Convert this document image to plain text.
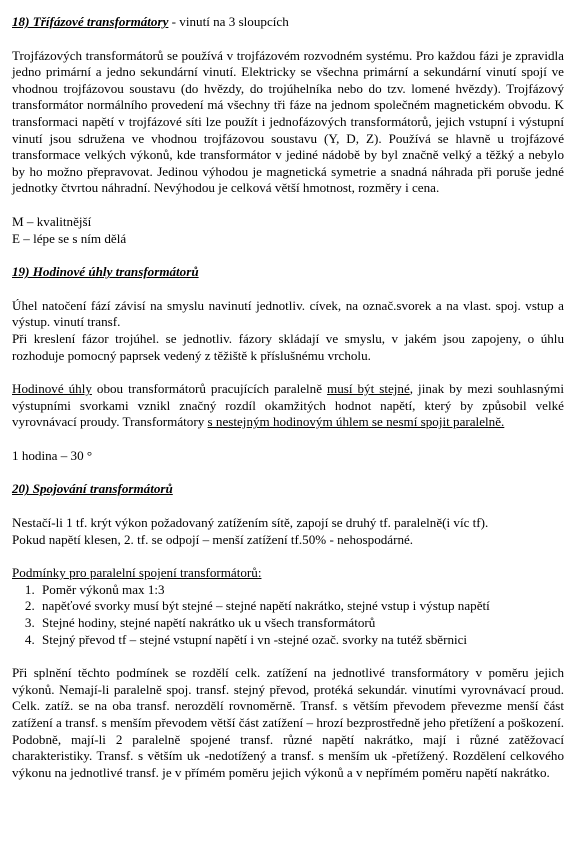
18) Třífázové transformátory - vinutí na 3 sloupcích

Trojfázových transformátorů se používá v trojfázovém rozvodném systému. Pro každou fázi je zpravidla jedno primární a jedno sekundární vinutí. Elektricky se všechna primární a sekundární vinutí spojí ve vhodnou trojfázovou soustavu (do hvězdy, do trojúhelníka nebo do tzv. lomené hvězdy). Trojfázový transformátor normálního provedení má všechny tři fáze na jednom společném magnetickém obvodu. K transformaci napětí v trojfázové síti lze použít i jednofázových transformátorů, jejich vstupní i výstupní vinutí jsou sdružena ve vhodnou trojfázovou soustavu (Y, D, Z). Používá se hlavně u trojfázové transformace velkých výkonů, kde transformátor v jediné nádobě by byl značně velký a těžký a nebylo by ho možno přepravovat. Jedinou výhodou je magnetická symetrie a snadná náhrada při poruše jedné jednotky čtvrtou náhradní. Nevýhodou je celková větší hmotnost, rozměry i cena.

M – kvalitnější
E – lépe se s ním dělá
19) Hodinové úhly transformátorů

Úhel natočení fází závisí na smyslu navinutí jednotliv. cívek, na označ.svorek a na vlast. spoj. vstup a výstup. vinutí transf.

Při kreslení fázor trojúhel. se jednotliv. fázory skládají ve smyslu, v jakém jsou zapojeny, o úhlu rozhoduje pomocný paprsek vedený z těžiště k příslušnému vrcholu.

Hodinové úhly obou transformátorů pracujících paralelně musí být stejné, jinak by mezi souhlasnými výstupními svorkami vznikl značný rozdíl okamžitých hodnot napětí, který by způsobil velké vyrovnávací proudy. Transformátory s nestejným hodinovým úhlem se nesmí spojit paralelně.

1 hodina – 30 °
20) Spojování transformátorů

Nestačí-li 1 tf. krýt výkon požadovaný zatížením sítě, zapojí se druhý tf. paralelně(i víc tf).

Pokud napětí klesen, 2. tf. se odpojí – menší zatížení tf.50% - nehospodárné.

Podmínky pro paralelní spojení transformátorů:
1. Poměr výkonů max 1:3
2. napěťové svorky musí být stejné – stejné napětí nakrátko, stejné vstup i výstup napětí
3. Stejné hodiny, stejné napětí nakrátko uk u všech transformátorů
4. Stejný převod tf – stejné vstupní napětí i vn -stejné ozač. svorky na tutéž sběrnici

Při splnění těchto podmínek se rozdělí celk. zatížení na jednotlivé transformátory v poměru jejich výkonů. Nemají-li paralelně spoj. transf. stejný převod, protéká sekundár. vinutími vyrovnávací proud. Celk. zatíž. se na oba transf. nerozdělí rovnoměrně. Transf. s větším převodem převezme menší část zatížení a transf. s menším převodem větší část zatížení – hrozí bezprostředně jeho přetížení a poškození. Podobně, mají-li 2 paralelně spojené transf. různé napětí nakrátko, mají i různé zatěžovací charakteristiky. Transf. s větším uk -nedotížený a transf. s menším uk -přetížený. Rozdělení celkového výkonu na jednotlivé transf. je v přímém poměru jejich výkonů a v nepřímém poměru napětí nakrátko.
